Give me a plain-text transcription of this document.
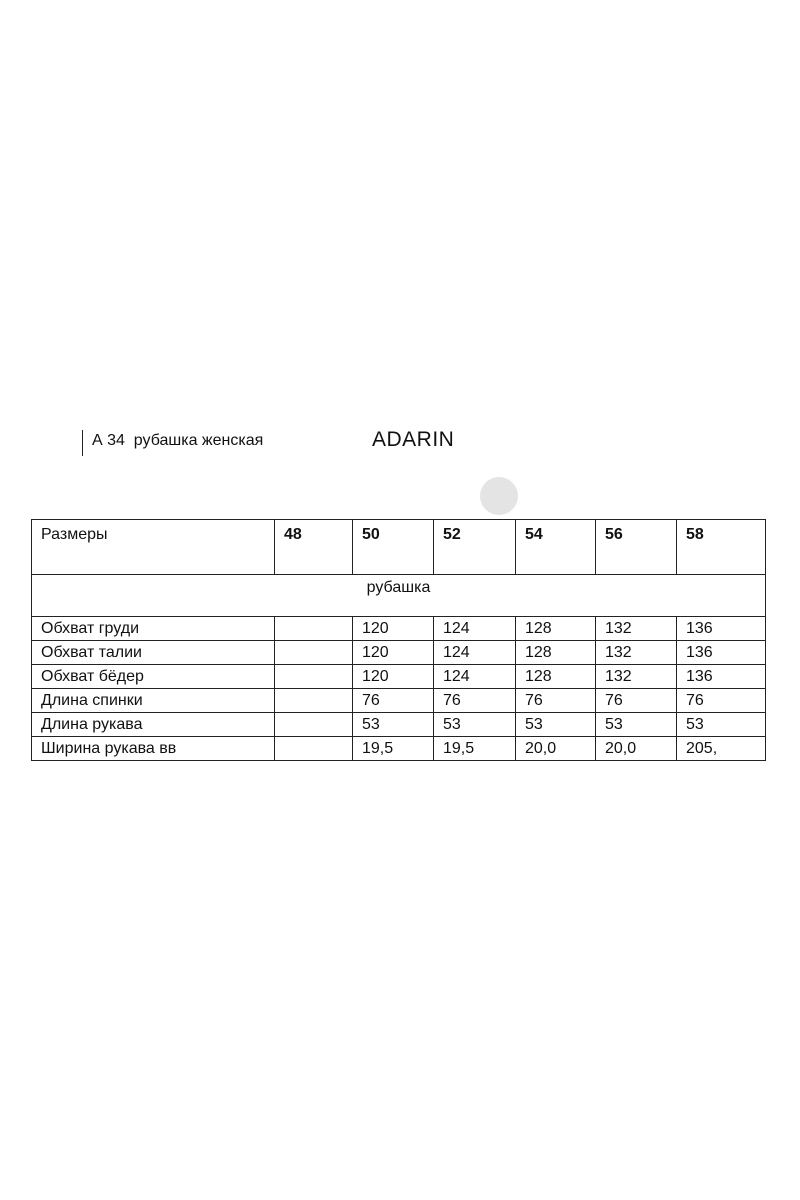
А 34  рубашка женская	ADARIN
Размеры	48	50	52	54	56	58
рубашка						
Обхват груди		120	124	128	132	136
Обхват талии		120	124	128	132	136
Обхват бёдер		120	124	128	132	136
Длина спинки		76	76	76	76	76
Длина рукава		53	53	53	53	53
Ширина рукава вв		19,5	19,5	20,0	20,0	205,
